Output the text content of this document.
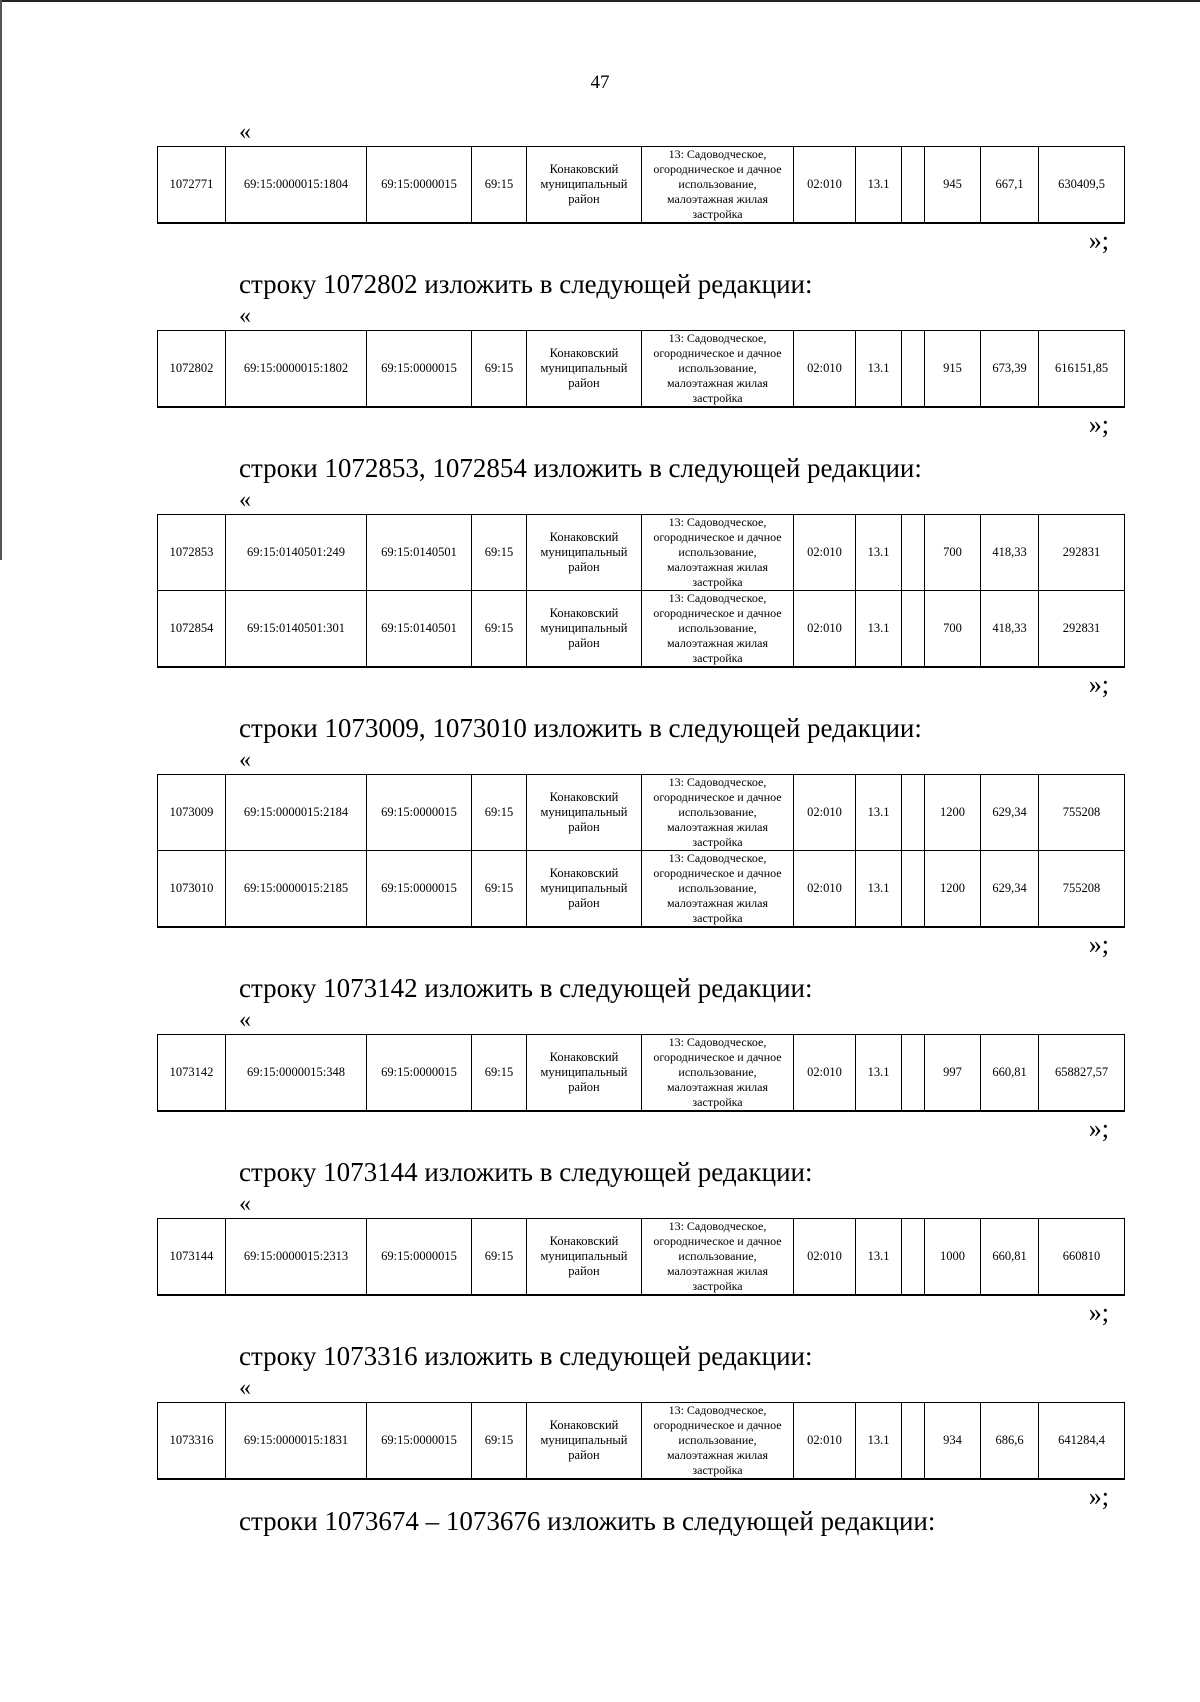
47
«
1072771	69:15:0000015:1804	69:15:0000015	69:15	Конаковский муниципальный район	13: Садоводческое, огородническое и дачное использование, малоэтажная жилая застройка	02:010	13.1		945	667,1	630409,5
»;
строку 1072802 изложить в следующей редакции:
«
1072802	69:15:0000015:1802	69:15:0000015	69:15	Конаковский муниципальный район	13: Садоводческое, огородническое и дачное использование, малоэтажная жилая застройка	02:010	13.1		915	673,39	616151,85
»;
строки 1072853, 1072854 изложить в следующей редакции:
«
1072853	69:15:0140501:249	69:15:0140501	69:15	Конаковский муниципальный район	13: Садоводческое, огородническое и дачное использование, малоэтажная жилая застройка	02:010	13.1		700	418,33	292831
1072854	69:15:0140501:301	69:15:0140501	69:15	Конаковский муниципальный район	13: Садоводческое, огородническое и дачное использование, малоэтажная жилая застройка	02:010	13.1		700	418,33	292831
»;
строки 1073009, 1073010 изложить в следующей редакции:
«
1073009	69:15:0000015:2184	69:15:0000015	69:15	Конаковский муниципальный район	13: Садоводческое, огородническое и дачное использование, малоэтажная жилая застройка	02:010	13.1		1200	629,34	755208
1073010	69:15:0000015:2185	69:15:0000015	69:15	Конаковский муниципальный район	13: Садоводческое, огородническое и дачное использование, малоэтажная жилая застройка	02:010	13.1		1200	629,34	755208
»;
строку 1073142 изложить в следующей редакции:
«
1073142	69:15:0000015:348	69:15:0000015	69:15	Конаковский муниципальный район	13: Садоводческое, огородническое и дачное использование, малоэтажная жилая застройка	02:010	13.1		997	660,81	658827,57
»;
строку 1073144 изложить в следующей редакции:
«
1073144	69:15:0000015:2313	69:15:0000015	69:15	Конаковский муниципальный район	13: Садоводческое, огородническое и дачное использование, малоэтажная жилая застройка	02:010	13.1		1000	660,81	660810
»;
строку 1073316 изложить в следующей редакции:
«
1073316	69:15:0000015:1831	69:15:0000015	69:15	Конаковский муниципальный район	13: Садоводческое, огородническое и дачное использование, малоэтажная жилая застройка	02:010	13.1		934	686,6	641284,4
»;
строки 1073674 – 1073676 изложить в следующей редакции:
